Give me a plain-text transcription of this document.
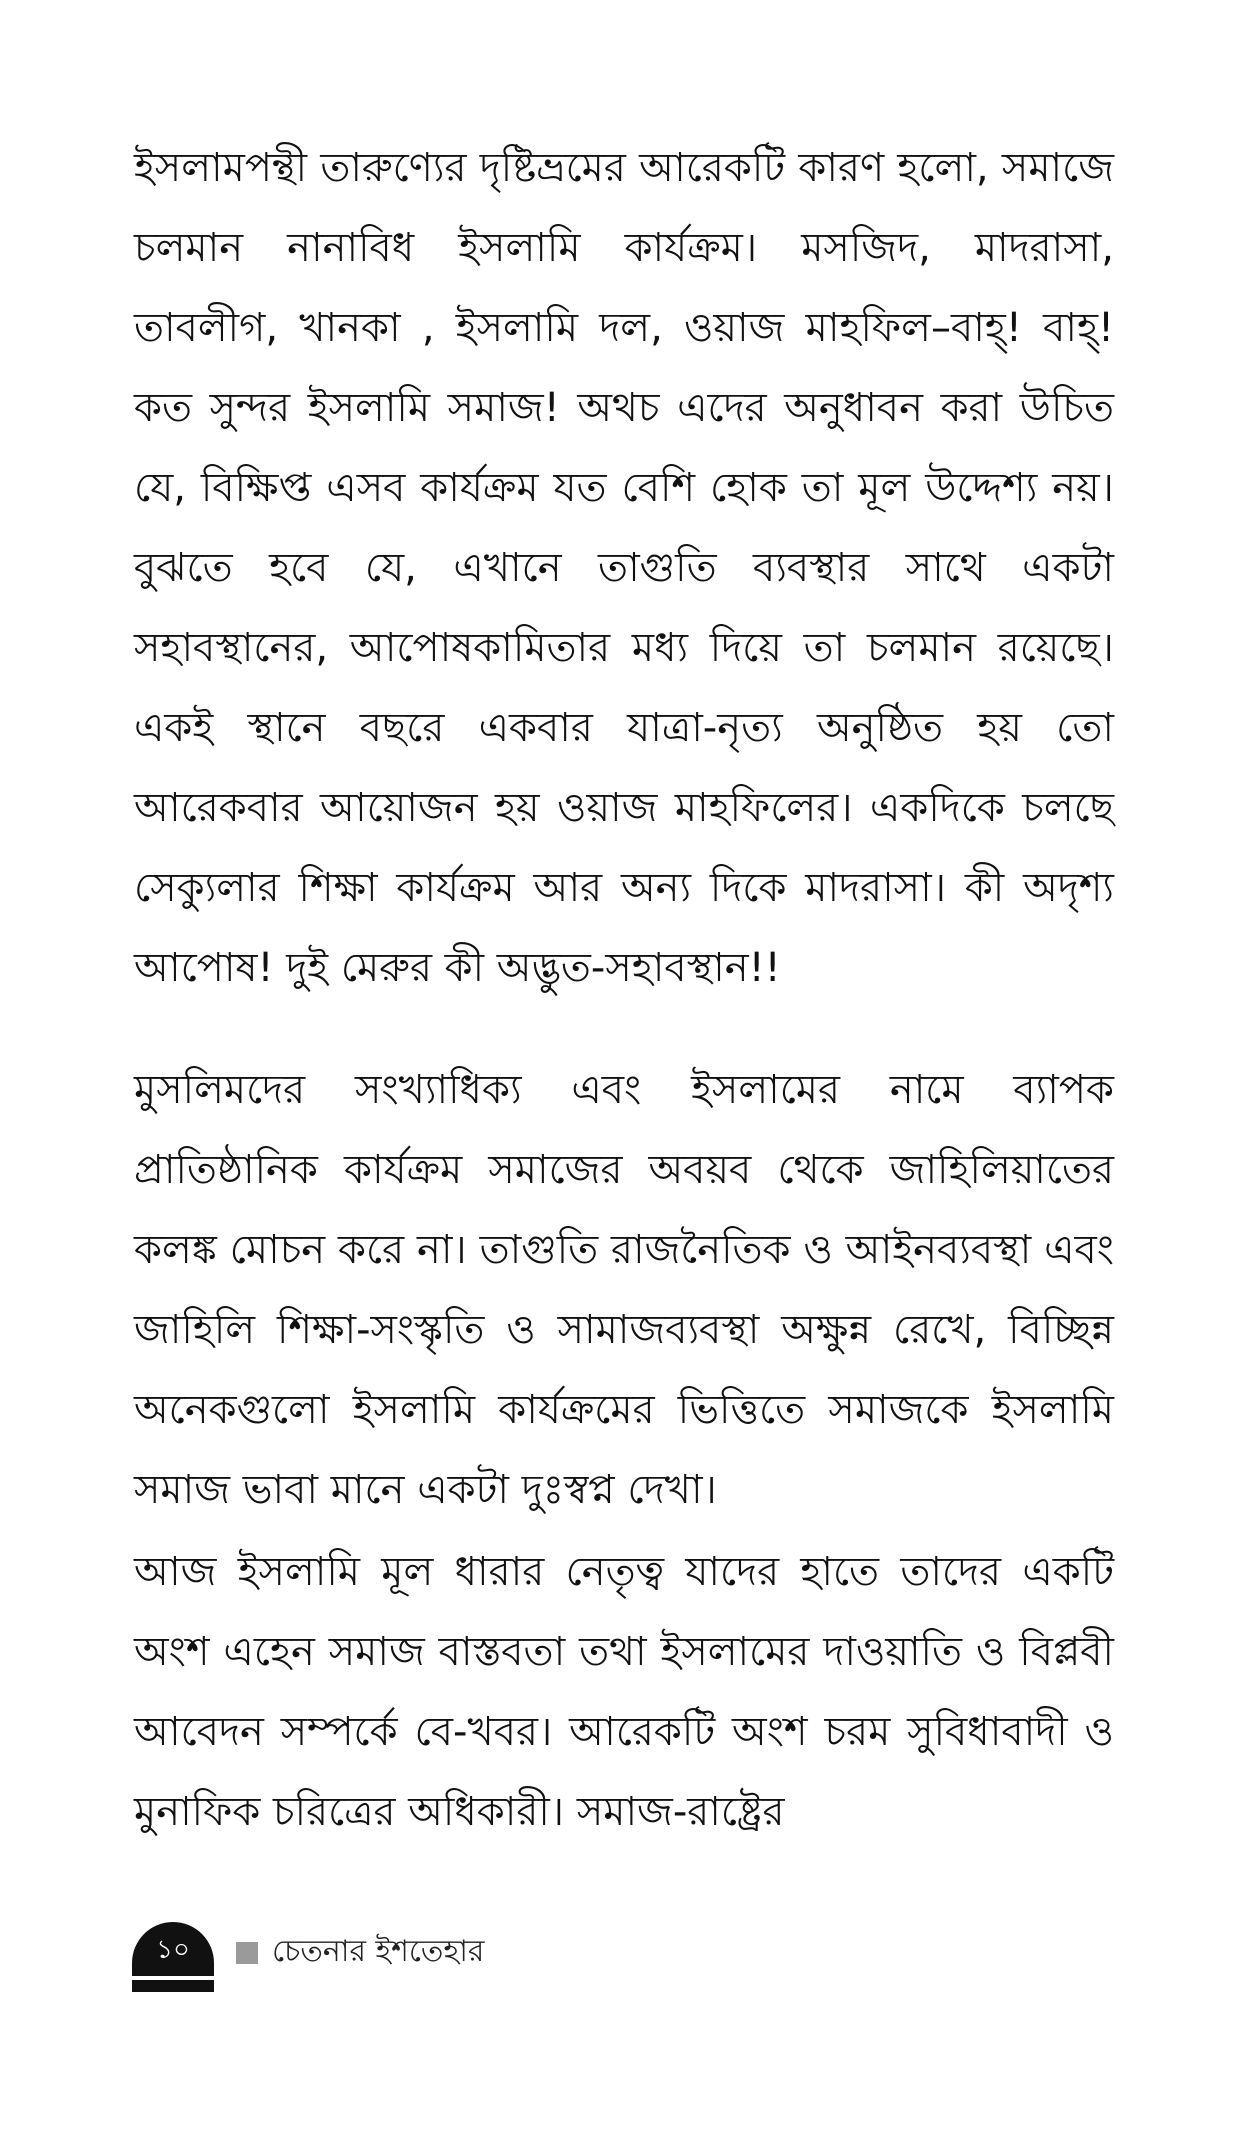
ইসলামপন্থী তারুণ্যের দৃষ্টিভ্রমের আরেকটি কারণ হলো, সমাজে চলমান নানাবিধ ইসলামি কার্যক্রম। মসজিদ, মাদরাসা, তাবলীগ, খানকা , ইসলামি দল, ওয়াজ মাহফিল–বাহ্! বাহ্! কত সুন্দর ইসলামি সমাজ! অথচ এদের অনুধাবন করা উচিত যে, বিক্ষিপ্ত এসব কার্যক্রম যত বেশি হোক তা মূল উদ্দেশ্য নয়। বুঝতে হবে যে, এখানে তাগুতি ব্যবস্থার সাথে একটা সহাবস্থানের, আপোষকামিতার মধ্য দিয়ে তা চলমান রয়েছে। একই স্থানে বছরে একবার যাত্রা-নৃত্য অনুষ্ঠিত হয় তো আরেকবার আয়োজন হয় ওয়াজ মাহফিলের। একদিকে চলছে সেক্যুলার শিক্ষা কার্যক্রম আর অন্য দিকে মাদরাসা। কী অদৃশ্য আপোষ! দুই মেরুর কী অদ্ভুত-সহাবস্থান!!

মুসলিমদের সংখ্যাধিক্য এবং ইসলামের নামে ব্যাপক প্রাতিষ্ঠানিক কার্যক্রম সমাজের অবয়ব থেকে জাহিলিয়াতের কলঙ্ক মোচন করে না। তাগুতি রাজনৈতিক ও আইনব্যবস্থা এবং জাহিলি শিক্ষা-সংস্কৃতি ও সামাজব্যবস্থা অক্ষুন্ন রেখে, বিচ্ছিন্ন অনেকগুলো ইসলামি কার্যক্রমের ভিত্তিতে সমাজকে ইসলামি সমাজ ভাবা মানে একটা দুঃস্বপ্ন দেখা।

আজ ইসলামি মূল ধারার নেতৃত্ব যাদের হাতে তাদের একটি অংশ এহেন সমাজ বাস্তবতা তথা ইসলামের দাওয়াতি ও বিপ্লবী আবেদন সম্পর্কে বে-খবর। আরেকটি অংশ চরম সুবিধাবাদী ও মুনাফিক চরিত্রের অধিকারী। সমাজ-রাষ্ট্রের

১০	চেতনার ইশতেহার
